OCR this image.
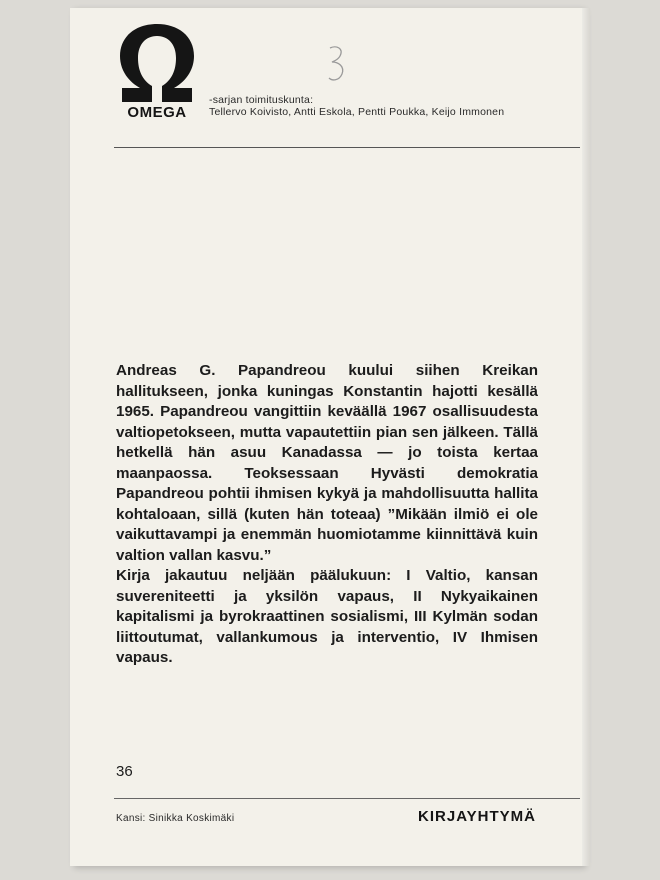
OMEGA
-sarjan toimituskunta:
Tellervo Koivisto, Antti Eskola, Pentti Poukka, Keijo Immonen

Andreas G. Papandreou kuului siihen Kreikan hallitukseen, jonka kuningas Konstantin hajotti kesällä 1965. Papandreou vangittiin keväällä 1967 osallisuudesta valtiopetokseen, mutta vapautettiin pian sen jälkeen. Tällä hetkellä hän asuu Kanadassa — jo toista kertaa maanpaossa. Teoksessaan Hyvästi demokratia Papandreou pohtii ihmisen kykyä ja mahdollisuutta hallita kohtaloaan, sillä (kuten hän toteaa) ”Mikään ilmiö ei ole vaikuttavampi ja enemmän huomiotamme kiinnittävä kuin valtion vallan kasvu.”

Kirja jakautuu neljään päälukuun: I Valtio, kansan suvereniteetti ja yksilön vapaus, II Nykyaikainen kapitalismi ja byrokraattinen sosialismi, III Kylmän sodan liittoutumat, vallankumous ja interventio, IV Ihmisen vapaus.

36
Kansi: Sinikka Koskimäki	KIRJAYHTYMÄ
